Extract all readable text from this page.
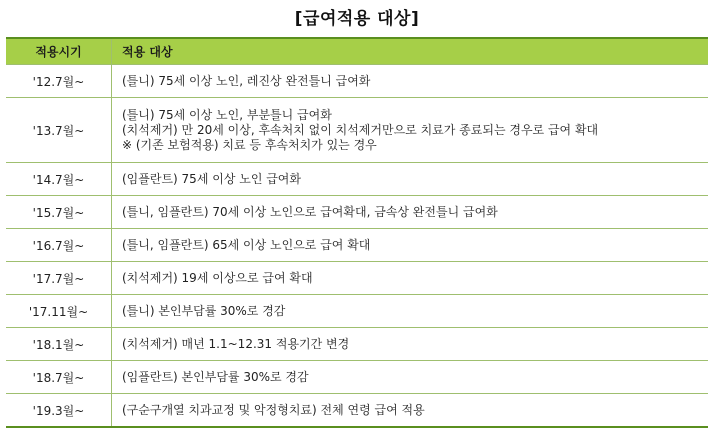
[급여적용 대상]
적용시기	적용 대상
'12.7월~	(틀니) 75세 이상 노인, 레진상 완전틀니 급여화
'13.7월~
(틀니) 75세 이상 노인, 부분틀니 급여화
(치석제거) 만 20세 이상, 후속처치 없이 치석제거만으로 치료가 종료되는 경우로 급여 확대
※ (기존 보험적용) 치료 등 후속처치가 있는 경우
'14.7월~	(임플란트) 75세 이상 노인 급여화
'15.7월~	(틀니, 임플란트) 70세 이상 노인으로 급여확대, 금속상 완전틀니 급여화
'16.7월~	(틀니, 임플란트) 65세 이상 노인으로 급여 확대
'17.7월~	(치석제거) 19세 이상으로 급여 확대
'17.11월~	(틀니) 본인부담률 30%로 경감
'18.1월~	(치석제거) 매년 1.1~12.31 적용기간 변경
'18.7월~	(임플란트) 본인부담률 30%로 경감
'19.3월~	(구순구개열 치과교정 및 악정형치료) 전체 연령 급여 적용
